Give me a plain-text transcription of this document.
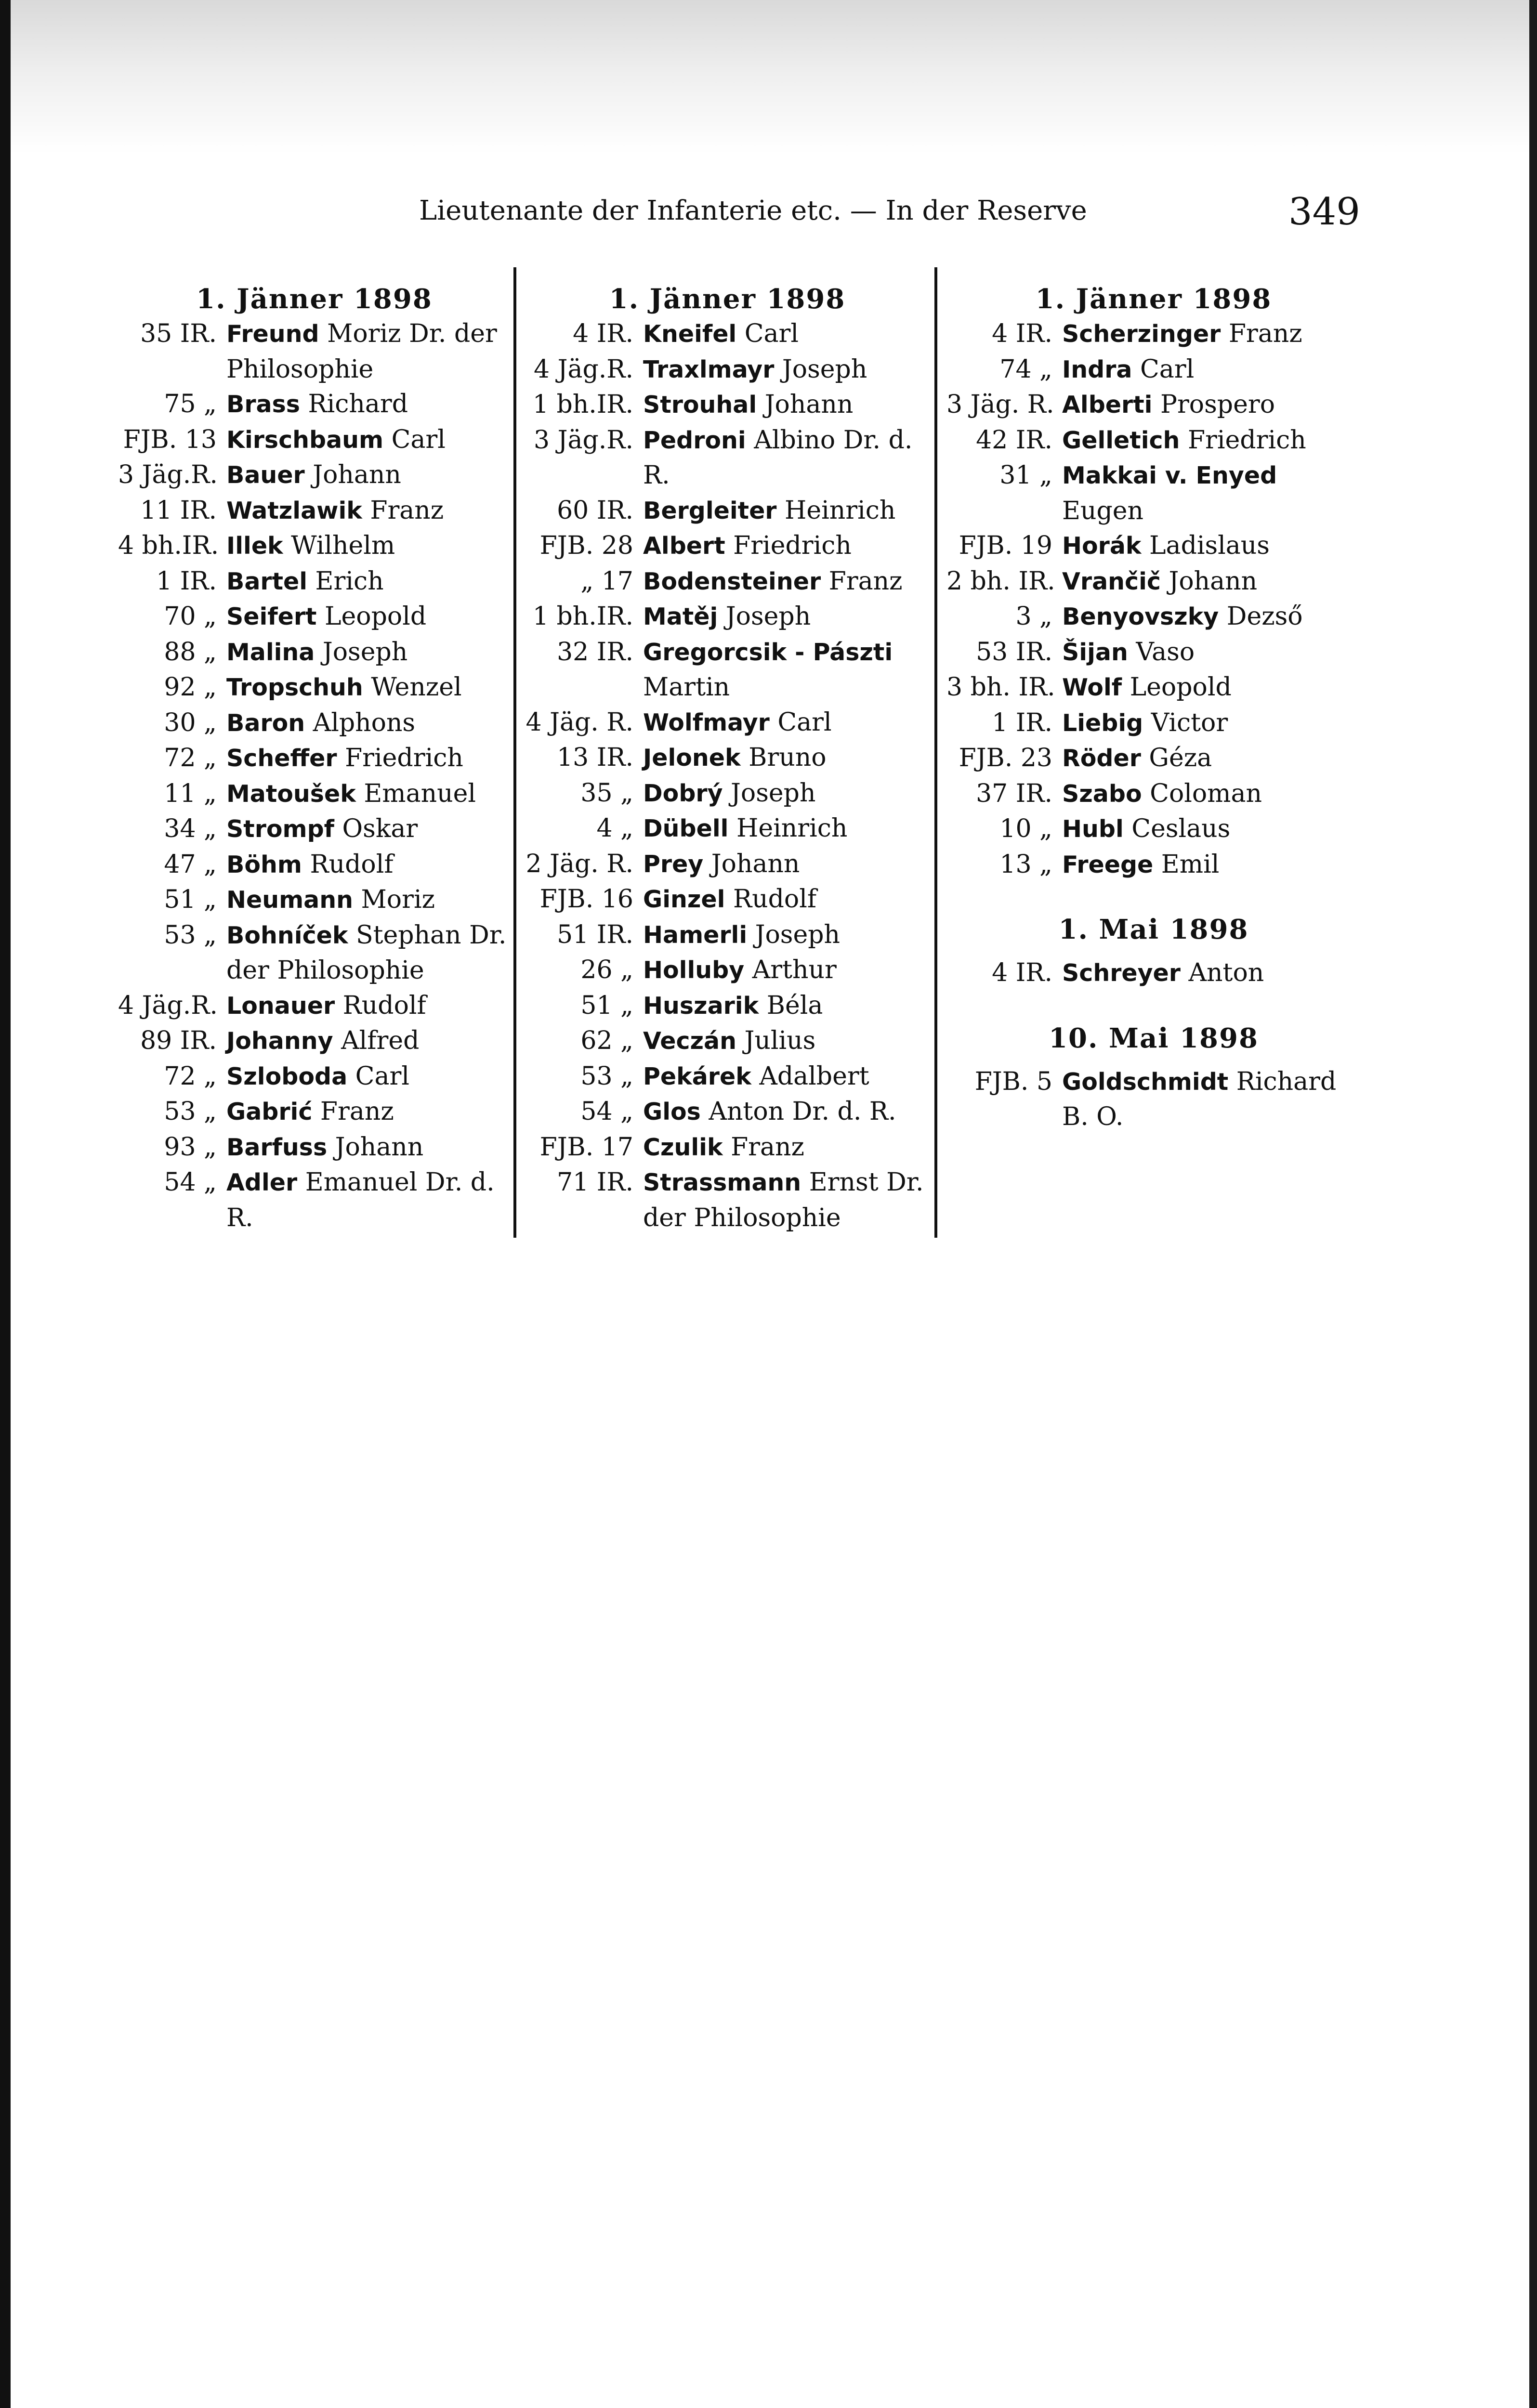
Lieutenante der Infanterie etc. — In der Reserve	349
1. Jänner 1898
35 IR. Freund Moriz Dr. der Philosophie
75 „ Brass Richard
FJB. 13 Kirschbaum Carl
3 Jäg.R. Bauer Johann
11 IR. Watzlawik Franz
4 bh.IR. Illek Wilhelm
1 IR. Bartel Erich
70 „ Seifert Leopold
88 „ Malina Joseph
92 „ Tropschuh Wenzel
30 „ Baron Alphons
72 „ Scheffer Friedrich
11 „ Matoušek Emanuel
34 „ Strompf Oskar
47 „ Böhm Rudolf
51 „ Neumann Moriz
53 „ Bohníček Stephan Dr. der Philosophie
4 Jäg.R. Lonauer Rudolf
89 IR. Johanny Alfred
72 „ Szloboda Carl
53 „ Gabrić Franz
93 „ Barfuss Johann
54 „ Adler Emanuel Dr. d. R.
1. Jänner 1898
4 IR. Kneifel Carl
4 Jäg.R. Traxlmayr Joseph
1 bh.IR. Strouhal Johann
3 Jäg.R. Pedroni Albino Dr. d. R.
60 IR. Bergleiter Heinrich
FJB. 28 Albert Friedrich
„ 17 Bodensteiner Franz
1 bh.IR. Matěj Joseph
32 IR. Gregorcsik - Pászti Martin
4 Jäg. R. Wolfmayr Carl
13 IR. Jelonek Bruno
35 „ Dobrý Joseph
4 „ Dübell Heinrich
2 Jäg. R. Prey Johann
FJB. 16 Ginzel Rudolf
51 IR. Hamerli Joseph
26 „ Holluby Arthur
51 „ Huszarik Béla
62 „ Veczán Julius
53 „ Pekárek Adalbert
54 „ Glos Anton Dr. d. R.
FJB. 17 Czulik Franz
71 IR. Strassmann Ernst Dr. der Philosophie
1. Jänner 1898
4 IR. Scherzinger Franz
74 „ Indra Carl
3 Jäg. R. Alberti Prospero
42 IR. Gelletich Friedrich
31 „ Makkai v. Enyed Eugen
FJB. 19 Horák Ladislaus
2 bh. IR. Vrančič Johann
3 „ Benyovszky Dezső
53 IR. Šijan Vaso
3 bh. IR. Wolf Leopold
1 IR. Liebig Victor
FJB. 23 Röder Géza
37 IR. Szabo Coloman
10 „ Hubl Ceslaus
13 „ Freege Emil
1. Mai 1898
4 IR. Schreyer Anton
10. Mai 1898
FJB. 5 Goldschmidt Richard B. O.
